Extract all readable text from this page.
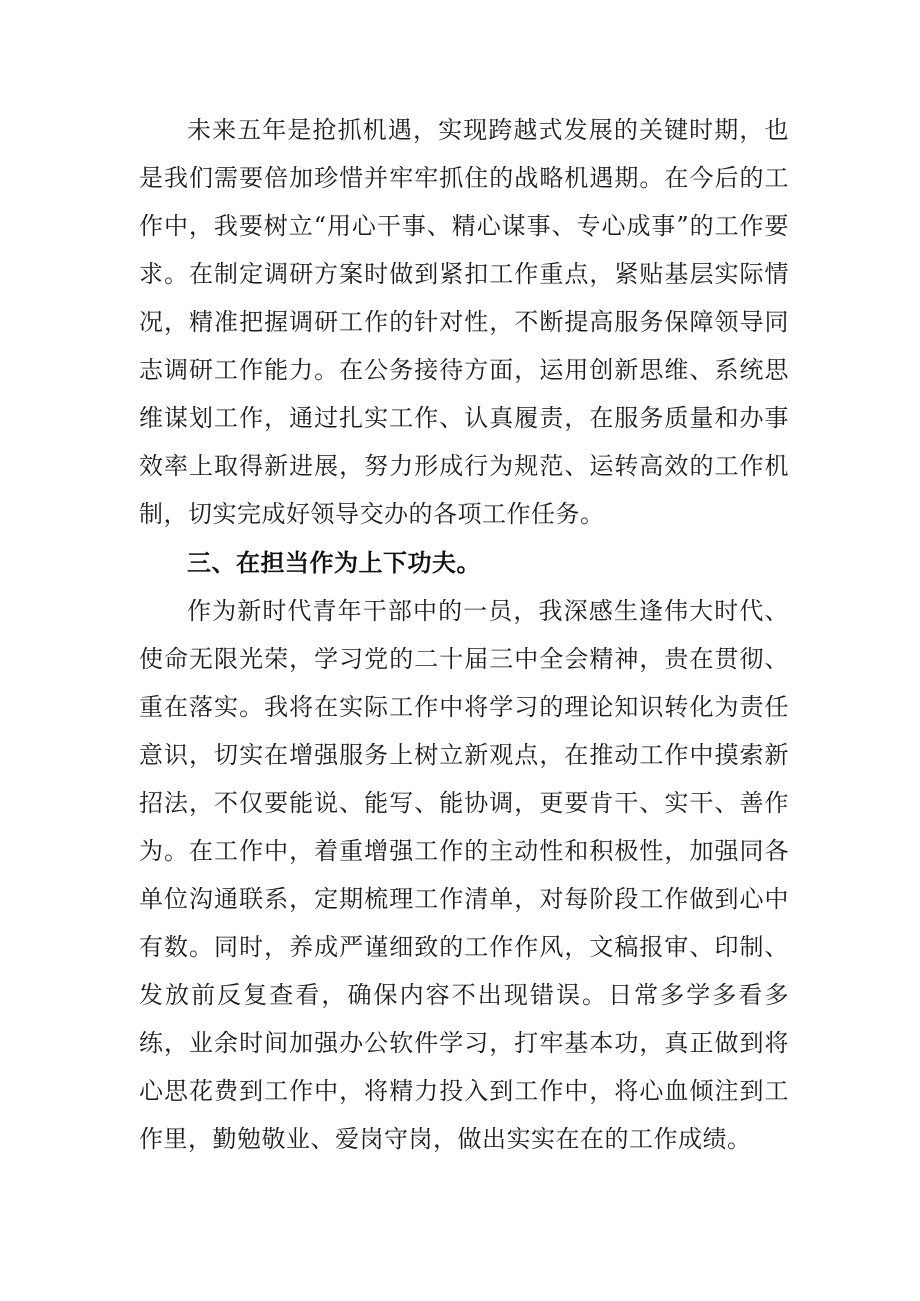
未来五年是抢抓机遇，实现跨越式发展的关键时期，也是我们需要倍加珍惜并牢牢抓住的战略机遇期。在今后的工作中，我要树立“用心干事、精心谋事、专心成事”的工作要求。在制定调研方案时做到紧扣工作重点，紧贴基层实际情况，精准把握调研工作的针对性，不断提高服务保障领导同志调研工作能力。在公务接待方面，运用创新思维、系统思维谋划工作，通过扎实工作、认真履责，在服务质量和办事效率上取得新进展，努力形成行为规范、运转高效的工作机制，切实完成好领导交办的各项工作任务。

三、在担当作为上下功夫。

作为新时代青年干部中的一员，我深感生逢伟大时代、使命无限光荣，学习党的二十届三中全会精神，贵在贯彻、重在落实。我将在实际工作中将学习的理论知识转化为责任意识，切实在增强服务上树立新观点，在推动工作中摸索新招法，不仅要能说、能写、能协调，更要肯干、实干、善作为。在工作中，着重增强工作的主动性和积极性，加强同各单位沟通联系，定期梳理工作清单，对每阶段工作做到心中有数。同时，养成严谨细致的工作作风，文稿报审、印制、发放前反复查看，确保内容不出现错误。日常多学多看多练，业余时间加强办公软件学习，打牢基本功，真正做到将心思花费到工作中，将精力投入到工作中，将心血倾注到工作里，勤勉敬业、爱岗守岗，做出实实在在的工作成绩。
